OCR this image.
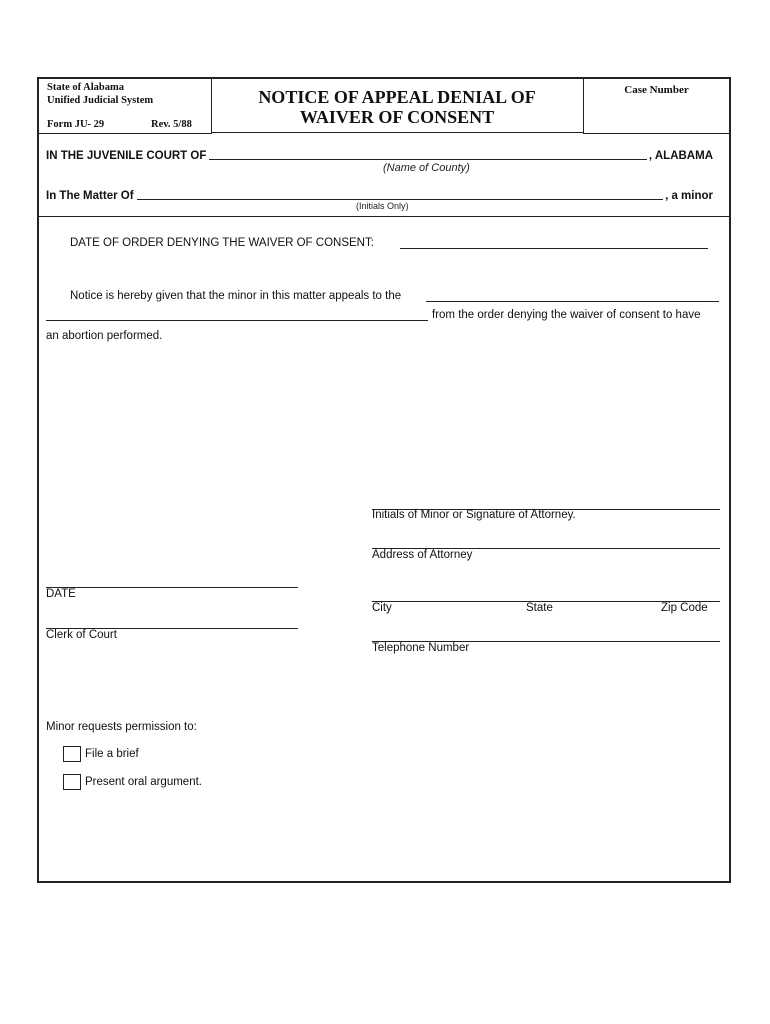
State of Alabama
Unified Judicial System
Form JU- 29	Rev. 5/88
NOTICE OF APPEAL DENIAL OF
WAIVER OF CONSENT
Case Number
IN THE JUVENILE COURT OF	, ALABAMA
(Name of County)
In The Matter Of	, a minor
(Initials Only)
DATE OF ORDER DENYING THE WAIVER OF CONSENT:
Notice is hereby given that the minor in this matter appeals to the
from the order denying the waiver of consent to have
an abortion performed.
Initials of Minor or Signature of Attorney.
Address of Attorney
City	State	Zip Code
Telephone Number
DATE
Clerk of Court
Minor requests permission to:
File a brief
Present oral argument.
